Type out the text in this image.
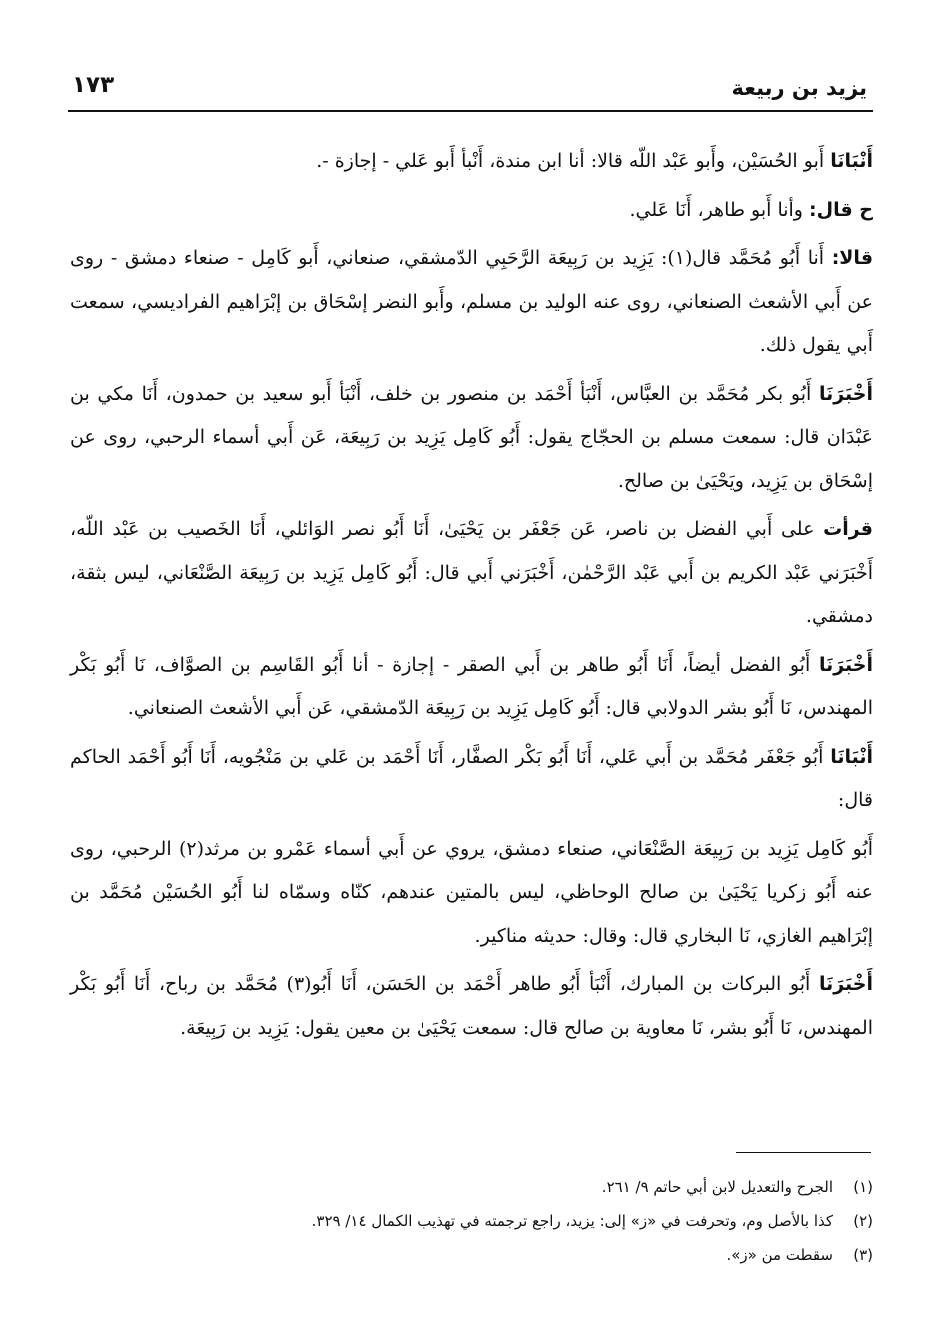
يزيد بن ربيعة
١٧٣

أَنْبَانَا أَبو الحُسَيْن، وأَبو عَبْد اللّه قالا: أنا ابن مندة، أَنْبأ أَبو عَلي - إجازة -.

ح قال: وأنا أَبو طاهر، أَنَا عَلي.

قالا: أَنا أَبُو مُحَمَّد قال(١): يَزِيد بن رَبِيعَة الرَّحَبِي الدّمشقي، صنعاني، أَبو كَامِل - صنعاء دمشق - روى عن أَبي الأشعث الصنعاني، روى عنه الوليد بن مسلم، وأَبو النضر إسْحَاق بن إبْرَاهيم الفراديسي، سمعت أَبي يقول ذلك.

أَخْبَرَنَا أَبُو بكر مُحَمَّد بن العبَّاس، أَنْبَأ أَحْمَد بن منصور بن خلف، أَنْبَأ أَبو سعيد بن حمدون، أَنَا مكي بن عَبْدَان قال: سمعت مسلم بن الحجّاج يقول: أَبُو كَامِل يَزِيد بن رَبِيعَة، عَن أَبي أسماء الرحبي، روى عن إسْحَاق بن يَزِيد، ويَحْيَىٰ بن صالح.

قرأت على أَبي الفضل بن ناصر، عَن جَعْفَر بن يَحْيَىٰ، أَنَا أَبُو نصر الوَائلي، أَنَا الخَصيب بن عَبْد اللّه، أَخْبَرَني عَبْد الكريم بن أَبي عَبْد الرَّحْمٰن، أَخْبَرَني أَبي قال: أَبُو كَامِل يَزِيد بن رَبِيعَة الصَّنْعَاني، ليس بثقة، دمشقي.

أَخْبَرَنَا أَبُو الفضل أيضاً، أَنَا أَبُو طاهر بن أَبي الصقر - إجازة - أنا أَبُو القَاسِم بن الصوَّاف، نَا أَبُو بَكْر المهندس، نَا أَبُو بشر الدولابي قال: أَبُو كَامِل يَزِيد بن رَبِيعَة الدّمشقي، عَن أَبي الأشعث الصنعاني.

أَنْبَانَا أَبُو جَعْفَر مُحَمَّد بن أَبي عَلي، أَنَا أَبُو بَكْر الصفَّار، أَنَا أَحْمَد بن عَلي بن مَنْجُويه، أَنَا أَبُو أَحْمَد الحاكم قال:

أَبُو كَامِل يَزِيد بن رَبِيعَة الصَّنْعَاني، صنعاء دمشق، يروي عن أَبي أسماء عَمْرو بن مرثد(٢) الرحبي، روى عنه أَبُو زكريا يَحْيَىٰ بن صالح الوحاظي، ليس بالمتين عندهم، كنّاه وسمّاه لنا أَبُو الحُسَيْن مُحَمَّد بن إبْرَاهيم الغازي، نَا البخاري قال: وقال: حديثه مناكير.

أَخْبَرَنَا أَبُو البركات بن المبارك، أَنْبَأ أَبُو طاهر أَحْمَد بن الحَسَن، أَنَا أَبُو(٣) مُحَمَّد بن رباح، أَنَا أَبُو بَكْر المهندس، نَا أَبُو بشر، نَا معاوية بن صالح قال: سمعت يَحْيَىٰ بن معين يقول: يَزِيد بن رَبِيعَة.

(١)الجرح والتعديل لابن أبي حاتم ٩/ ٢٦١.

(٢)كذا بالأصل وم، وتحرفت في «ز» إلى: يزيد، راجع ترجمته في تهذيب الكمال ١٤/ ٣٢٩.

(٣)سقطت من «ز».
